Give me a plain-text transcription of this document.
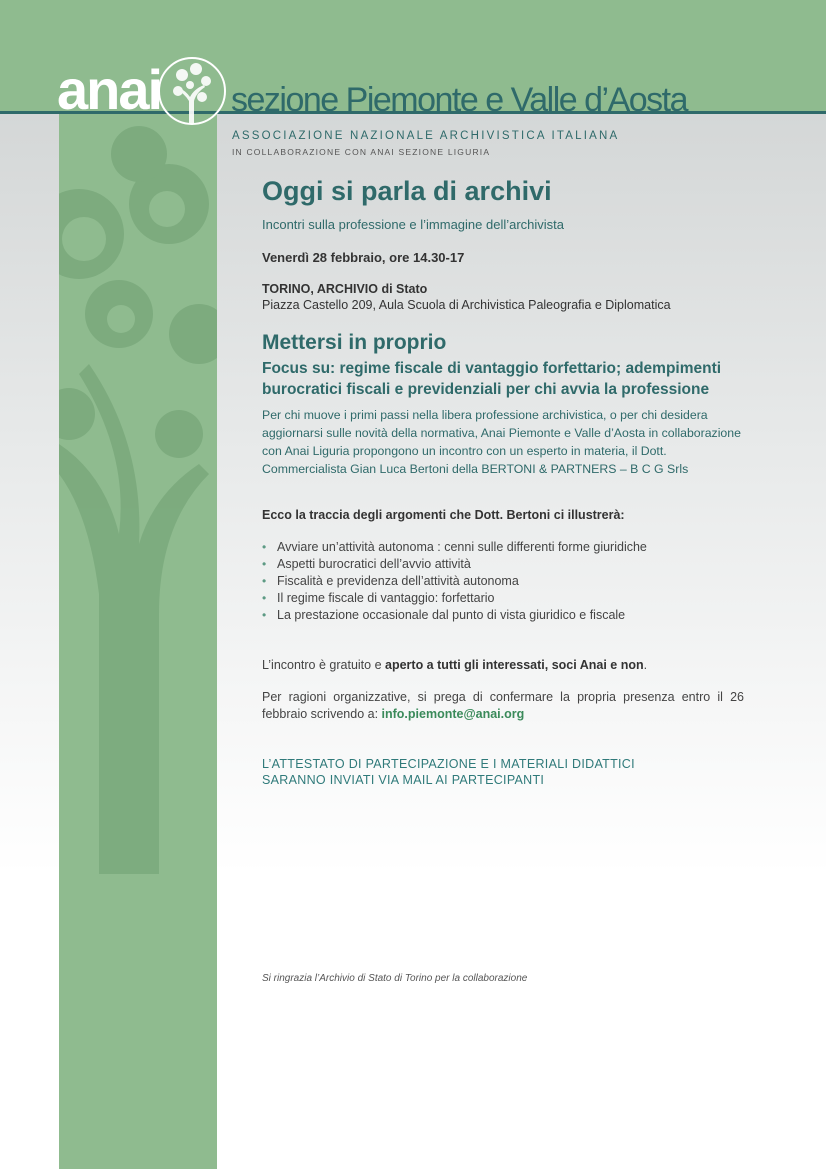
anai sezione Piemonte e Valle d’Aosta
ASSOCIAZIONE NAZIONALE ARCHIVISTICA ITALIANA
IN COLLABORAZIONE CON ANAI SEZIONE LIGURIA
Oggi si parla di archivi
Incontri sulla professione e l’immagine dell’archivista
Venerdì 28 febbraio, ore 14.30-17
TORINO, ARCHIVIO di Stato
Piazza Castello 209, Aula Scuola di Archivistica Paleografia e Diplomatica
Mettersi in proprio
Focus su: regime fiscale di vantaggio forfettario; adempimenti burocratici fiscali e previdenziali per chi avvia la professione
Per chi muove i primi passi nella libera professione archivistica, o per chi desidera aggiornarsi sulle novità della normativa, Anai Piemonte e Valle d’Aosta in collaborazione con Anai Liguria propongono un incontro con un esperto in materia, il Dott. Commercialista Gian Luca Bertoni della BERTONI & PARTNERS – B C G Srls
Ecco la traccia degli argomenti che Dott. Bertoni ci illustrerà:
• Avviare un’attività autonoma : cenni sulle differenti forme giuridiche
• Aspetti burocratici dell’avvio attività
• Fiscalità e previdenza dell’attività autonoma
• Il regime fiscale di vantaggio: forfettario
• La prestazione occasionale dal punto di vista giuridico e fiscale
L’incontro è gratuito e aperto a tutti gli interessati, soci Anai e non.
Per ragioni organizzative, si prega di confermare la propria presenza entro il 26 febbraio scrivendo a: info.piemonte@anai.org
L’ATTESTATO DI PARTECIPAZIONE E I MATERIALI DIDATTICI
SARANNO INVIATI VIA MAIL AI PARTECIPANTI
Si ringrazia l’Archivio di Stato di Torino per la collaborazione
